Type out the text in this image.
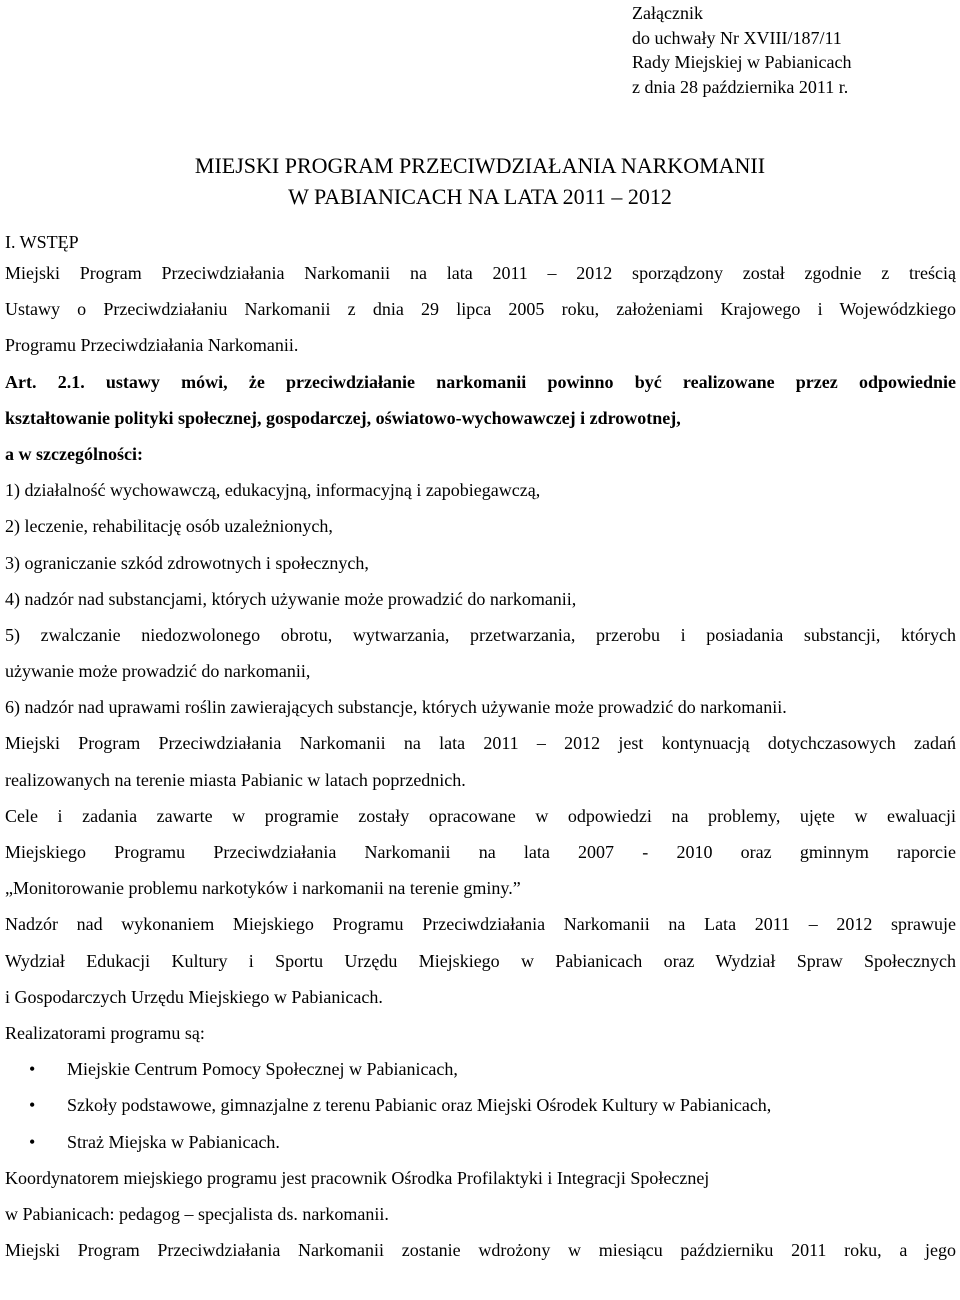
Załącznik
do uchwały Nr XVIII/187/11
Rady Miejskiej w Pabianicach
z dnia 28 października 2011 r.
MIEJSKI PROGRAM PRZECIWDZIAŁANIA NARKOMANII
W PABIANICACH NA LATA 2011 – 2012
I. WSTĘP
Miejski Program Przeciwdziałania Narkomanii na lata 2011 – 2012 sporządzony został zgodnie z treścią
Ustawy o Przeciwdziałaniu Narkomanii z dnia 29 lipca 2005 roku, założeniami Krajowego i Wojewódzkiego
Programu Przeciwdziałania Narkomanii.
Art. 2.1. ustawy mówi, że przeciwdziałanie narkomanii powinno być realizowane przez odpowiednie
kształtowanie polityki społecznej, gospodarczej, oświatowo-wychowawczej i zdrowotnej,
a w szczególności:
1) działalność wychowawczą, edukacyjną, informacyjną i zapobiegawczą,
2) leczenie, rehabilitację osób uzależnionych,
3) ograniczanie szkód zdrowotnych i społecznych,
4) nadzór nad substancjami, których używanie może prowadzić do narkomanii,
5) zwalczanie niedozwolonego obrotu, wytwarzania, przetwarzania, przerobu i posiadania substancji, których
używanie może prowadzić do narkomanii,
6) nadzór nad uprawami roślin zawierających substancje, których używanie może prowadzić do narkomanii.
Miejski Program Przeciwdziałania Narkomanii na lata 2011 – 2012 jest kontynuacją dotychczasowych zadań
realizowanych na terenie miasta Pabianic w latach poprzednich.
Cele i zadania zawarte w programie zostały opracowane w odpowiedzi na problemy, ujęte w ewaluacji
Miejskiego Programu Przeciwdziałania Narkomanii na lata 2007 - 2010 oraz gminnym raporcie
„Monitorowanie problemu narkotyków i narkomanii na terenie gminy.”
Nadzór nad wykonaniem Miejskiego Programu Przeciwdziałania Narkomanii na Lata 2011 – 2012 sprawuje
Wydział Edukacji Kultury i Sportu Urzędu Miejskiego w Pabianicach oraz Wydział Spraw Społecznych
i Gospodarczych Urzędu Miejskiego w Pabianicach.
Realizatorami programu są:
• Miejskie Centrum Pomocy Społecznej w Pabianicach,
• Szkoły podstawowe, gimnazjalne z terenu Pabianic oraz Miejski Ośrodek Kultury w Pabianicach,
• Straż Miejska w Pabianicach.
Koordynatorem miejskiego programu jest pracownik Ośrodka Profilaktyki i Integracji Społecznej
w Pabianicach: pedagog – specjalista ds. narkomanii.
Miejski Program Przeciwdziałania Narkomanii zostanie wdrożony w miesiącu październiku 2011 roku, a jego
